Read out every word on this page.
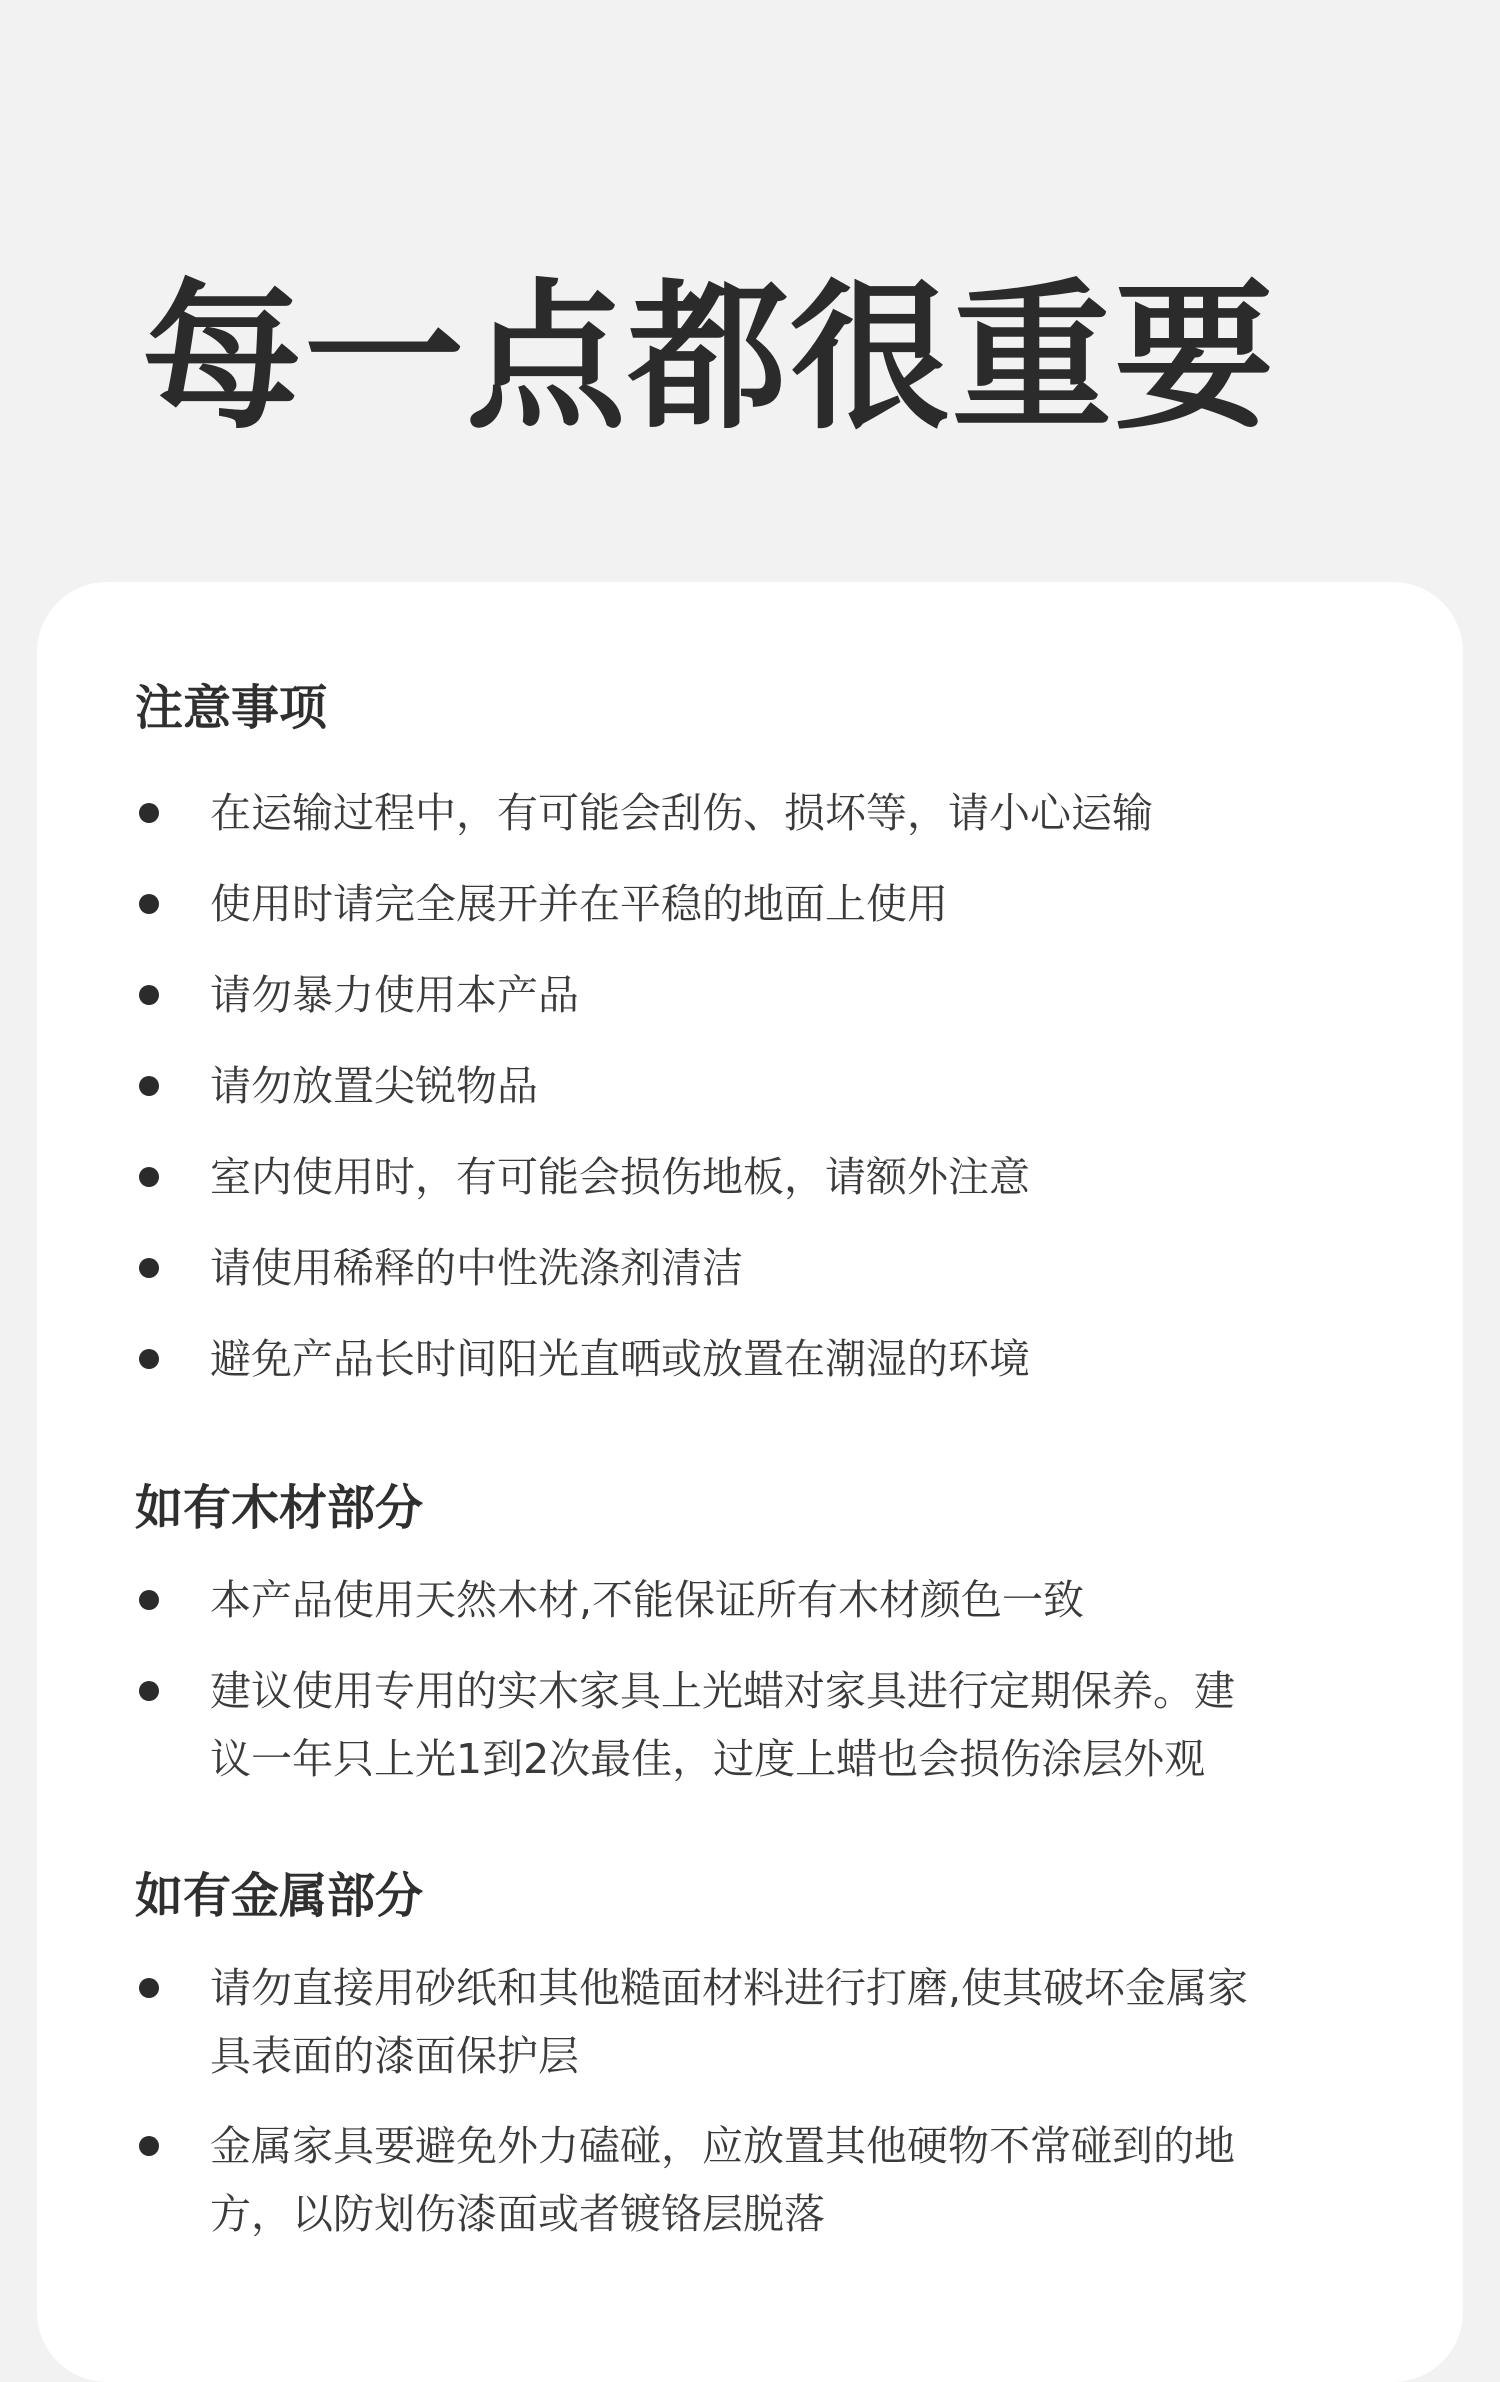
每一点都很重要
注意事项
在运输过程中，有可能会刮伤、损坏等，请小心运输
使用时请完全展开并在平稳的地面上使用
请勿暴力使用本产品
请勿放置尖锐物品
室内使用时，有可能会损伤地板，请额外注意
请使用稀释的中性洗涤剂清洁
避免产品长时间阳光直晒或放置在潮湿的环境
如有木材部分
本产品使用天然木材,不能保证所有木材颜色一致
建议使用专用的实木家具上光蜡对家具进行定期保养。建
议一年只上光1到2次最佳，过度上蜡也会损伤涂层外观
如有金属部分
请勿直接用砂纸和其他糙面材料进行打磨,使其破坏金属家
具表面的漆面保护层
金属家具要避免外力磕碰，应放置其他硬物不常碰到的地
方，以防划伤漆面或者镀铬层脱落
